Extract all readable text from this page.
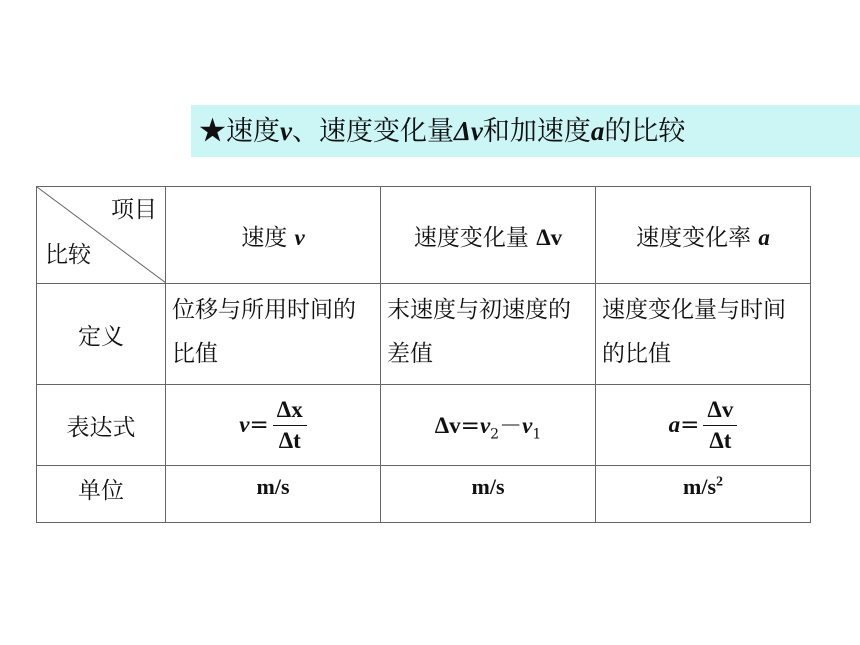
★速度v、速度变化量Δv和加速度a的比较
项目
比较	速度 v	速度变化量 Δv	速度变化率 a
定义	位移与所用时间的比值	末速度与初速度的差值	速度变化量与时间的比值
表达式	$v = \frac{\Delta x}{\Delta t}$	$\Delta v=v_2-v_1$	$a = \frac{\Delta v}{\Delta t}$

单位	m/s	m/s	$m/s^2$
